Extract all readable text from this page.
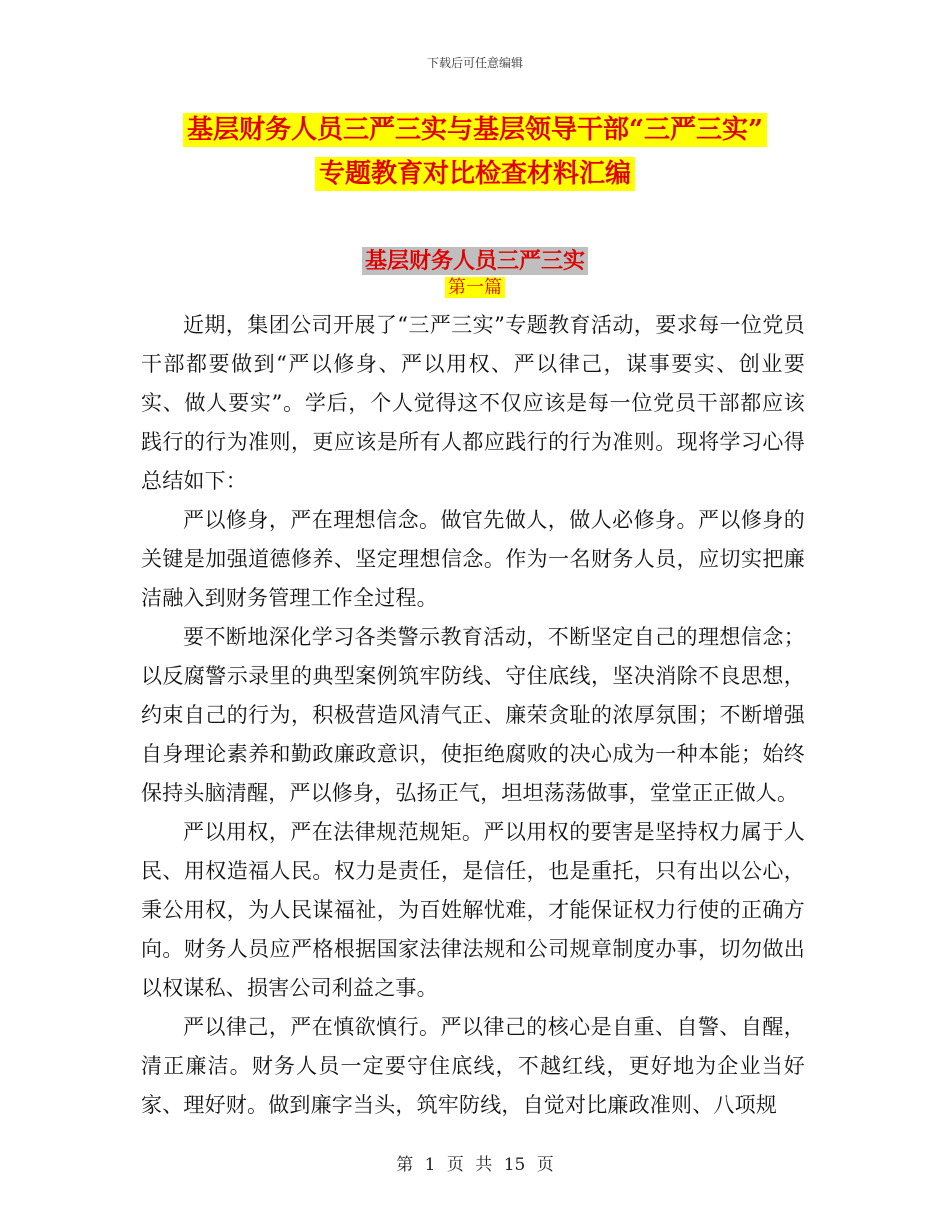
下载后可任意编辑
基层财务人员三严三实与基层领导干部“三严三实”
专题教育对比检查材料汇编
基层财务人员三严三实
第一篇

近期，集团公司开展了“三严三实”专题教育活动，要求每一位党员干部都要做到“严以修身、严以用权、严以律己，谋事要实、创业要实、做人要实”。学后，个人觉得这不仅应该是每一位党员干部都应该践行的行为准则，更应该是所有人都应践行的行为准则。现将学习心得总结如下：

严以修身，严在理想信念。做官先做人，做人必修身。严以修身的关键是加强道德修养、坚定理想信念。作为一名财务人员，应切实把廉洁融入到财务管理工作全过程。

要不断地深化学习各类警示教育活动，不断坚定自己的理想信念；以反腐警示录里的典型案例筑牢防线、守住底线，坚决消除不良思想，约束自己的行为，积极营造风清气正、廉荣贪耻的浓厚氛围；不断增强自身理论素养和勤政廉政意识，使拒绝腐败的决心成为一种本能；始终保持头脑清醒，严以修身，弘扬正气，坦坦荡荡做事，堂堂正正做人。

严以用权，严在法律规范规矩。严以用权的要害是坚持权力属于人民、用权造福人民。权力是责任，是信任，也是重托，只有出以公心，秉公用权，为人民谋福祉，为百姓解忧难，才能保证权力行使的正确方向。财务人员应严格根据国家法律法规和公司规章制度办事，切勿做出以权谋私、损害公司利益之事。

严以律己，严在慎欲慎行。严以律己的核心是自重、自警、自醒，清正廉洁。财务人员一定要守住底线，不越红线，更好地为企业当好家、理好财。做到廉字当头，筑牢防线，自觉对比廉政准则、八项规

第 1 页 共 15 页
